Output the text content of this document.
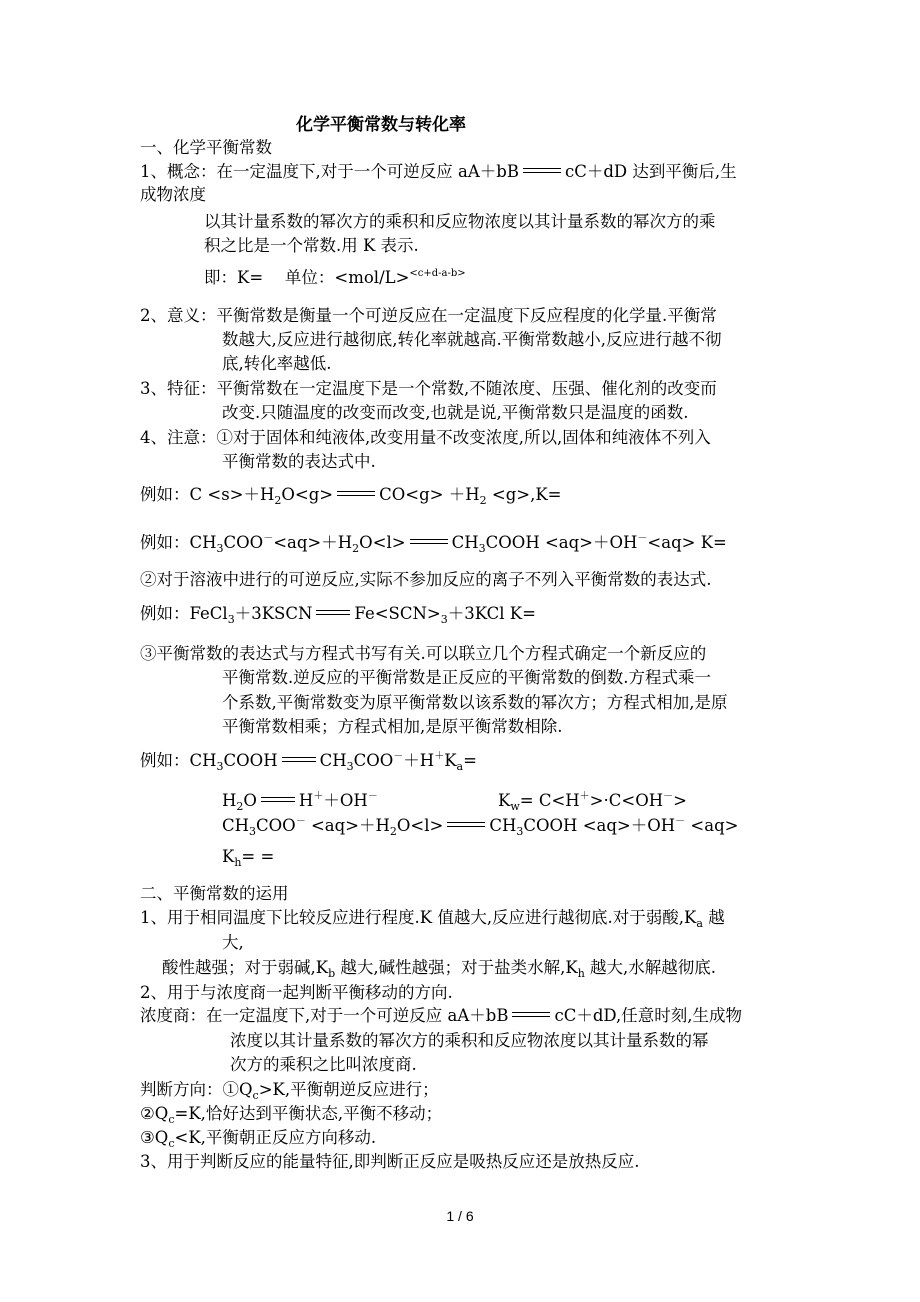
化学平衡常数与转化率
一、化学平衡常数
1、概念：在一定温度下,对于一个可逆反应 aA＋bB	cC＋dD 达到平衡后,生
成物浓度
以其计量系数的幂次方的乘积和反应物浓度以其计量系数的幂次方的乘
积之比是一个常数.用 K 表示.
即：K=　 单位：<mol/L>$^{<c+d-a-b>}$
2、意义：平衡常数是衡量一个可逆反应在一定温度下反应程度的化学量.平衡常
数越大,反应进行越彻底,转化率就越高.平衡常数越小,反应进行越不彻
底,转化率越低.
3、特征：平衡常数在一定温度下是一个常数,不随浓度、压强、催化剂的改变而
改变.只随温度的改变而改变,也就是说,平衡常数只是温度的函数.
4、注意：①对于固体和纯液体,改变用量不改变浓度,所以,固体和纯液体不列入
平衡常数的表达式中.
例如：$C <s>+H_2O<g>$	$CO<g> +H_2 <g>,K=$
例如：$CH_3COO^-<aq>+H_2O<l>$	$CH_3COOH <aq>+OH^-<aq> K=$
②对于溶液中进行的可逆反应,实际不参加反应的离子不列入平衡常数的表达式.
例如：FeCl$_3$＋3KSCN	$Fe<SCN>_3+3KCl$ K=
③平衡常数的表达式与方程式书写有关.可以联立几个方程式确定一个新反应的
平衡常数.逆反应的平衡常数是正反应的平衡常数的倒数.方程式乘一
个系数,平衡常数变为原平衡常数以该系数的幂次方；方程式相加,是原
平衡常数相乘；方程式相加,是原平衡常数相除.
例如：$CH_3COOH$	$CH_3COO^-+H^+K_a=$
$H_2O$	H＋＋OH－	$K_w= C<H^+>\cdot C<OH^->$
$CH_3COO^- <aq>+H_2O<l>$	$CH_3COOH <aq>+OH^- <aq>$
$K_h=$ =
二、平衡常数的运用
1、用于相同温度下比较反应进行程度.K 值越大,反应进行越彻底.对于弱酸$,K_a$ 越
大,
酸性越强；对于弱碱$,K_b$ 越大,碱性越强；对于盐类水解$,K_h$ 越大,水解越彻底.
2、用于与浓度商一起判断平衡移动的方向.
浓度商：在一定温度下,对于一个可逆反应 aA＋bB	cC＋dD,任意时刻,生成物
浓度以其计量系数的幂次方的乘积和反应物浓度以其计量系数的幂
次方的乘积之比叫浓度商.
判断方向：$①Q_c>K$,平衡朝逆反应进行；
$②Q_c=K$,恰好达到平衡状态,平衡不移动；
$③Q_c<K$,平衡朝正反应方向移动.
3、用于判断反应的能量特征,即判断正反应是吸热反应还是放热反应.
1 / 6
